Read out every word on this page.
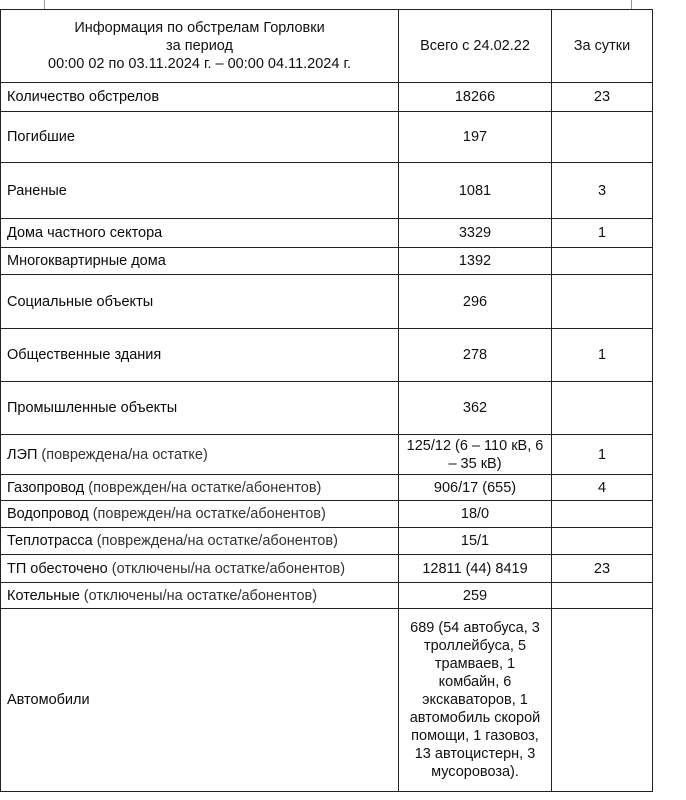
Информация по обстрелам Горловки
за период
00:00 02 по 03.11.2024 г. – 00:00 04.11.2024 г.	Всего с 24.02.22	За сутки
Количество обстрелов	18266	23
Погибшие	197	
Раненые	1081	3
Дома частного сектора	3329	1
Многоквартирные дома	1392	
Социальные объекты	296	
Общественные здания	278	1
Промышленные объекты	362	
ЛЭП (повреждена/на остатке)	125/12 (6 – 110 кВ, 6 – 35 кВ)	1
Газопровод (поврежден/на остатке/абонентов)	906/17 (655)	4
Водопровод (поврежден/на остатке/абонентов)	18/0	
Теплотрасса (повреждена/на остатке/абонентов)	15/1	
ТП обесточено (отключены/на остатке/абонентов)	12811 (44) 8419	23
Котельные (отключены/на остатке/абонентов)	259	
Автомобили	689 (54 автобуса, 3 троллейбуса, 5 трамваев, 1 комбайн, 6 экскаваторов, 1 автомобиль скорой помощи, 1 газовоз, 13 автоцистерн, 3 мусоровоза).	
